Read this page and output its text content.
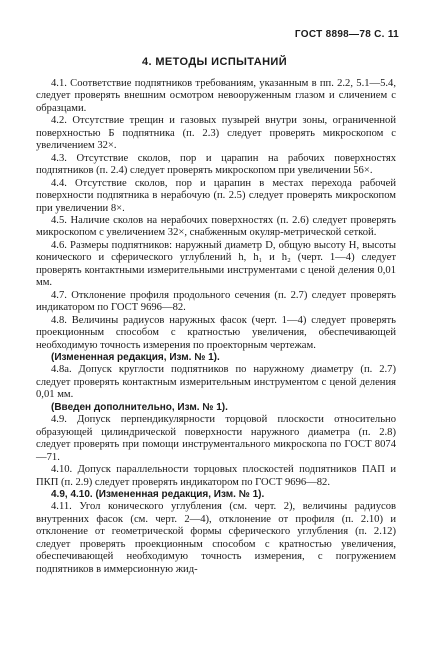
ГОСТ 8898—78 С. 11
4. МЕТОДЫ ИСПЫТАНИЙ

4.1. Соответствие подпятников требованиям, указанным в пп. 2.2, 5.1—5.4, следует проверять внешним осмотром невооруженным глазом и сличением с образцами.

4.2. Отсутствие трещин и газовых пузырей внутри зоны, ограниченной поверхностью Б подпятника (п. 2.3) следует проверять микроскопом с увеличением 32×.

4.3. Отсутствие сколов, пор и царапин на рабочих поверхностях подпятников (п. 2.4) следует проверять микроскопом при увеличении 56×.

4.4. Отсутствие сколов, пор и царапин в местах перехода рабочей поверхности подпятника в нерабочую (п. 2.5) следует проверять микроскопом при увеличении 8×.

4.5. Наличие сколов на нерабочих поверхностях (п. 2.6) следует проверять микроскопом с увеличением 32×, снабженным окуляр-метрической сеткой.

4.6. Размеры подпятников: наружный диаметр D, общую высоту H, высоты конического и сферического углублений h, h₁ и h₂ (черт. 1—4) следует проверять контактными измерительными инструментами с ценой деления 0,01 мм.

4.7. Отклонение профиля продольного сечения (п. 2.7) следует проверять индикатором по ГОСТ 9696—82.

4.8. Величины радиусов наружных фасок (черт. 1—4) следует проверять проекционным способом с кратностью увеличения, обеспечивающей необходимую точность измерения по проекторным чертежам.

(Измененная редакция, Изм. № 1).

4.8а. Допуск круглости подпятников по наружному диаметру (п. 2.7) следует проверять контактным измерительным инструментом с ценой деления 0,01 мм.

(Введен дополнительно, Изм. № 1).

4.9. Допуск перпендикулярности торцовой плоскости относительно образующей цилиндрической поверхности наружного диаметра (п. 2.8) следует проверять при помощи инструментального микроскопа по ГОСТ 8074—71.

4.10. Допуск параллельности торцовых плоскостей подпятников ПАП и ПКП (п. 2.9) следует проверять индикатором по ГОСТ 9696—82.

4.9, 4.10. (Измененная редакция, Изм. № 1).

4.11. Угол конического углубления (см. черт. 2), величины радиусов внутренних фасок (см. черт. 2—4), отклонение от профиля (п. 2.10) и отклонение от геометрической формы сферического углубления (п. 2.12) следует проверять проекционным способом с кратностью увеличения, обеспечивающей необходимую точность измерения, с погружением подпятников в иммерсионную жид-
